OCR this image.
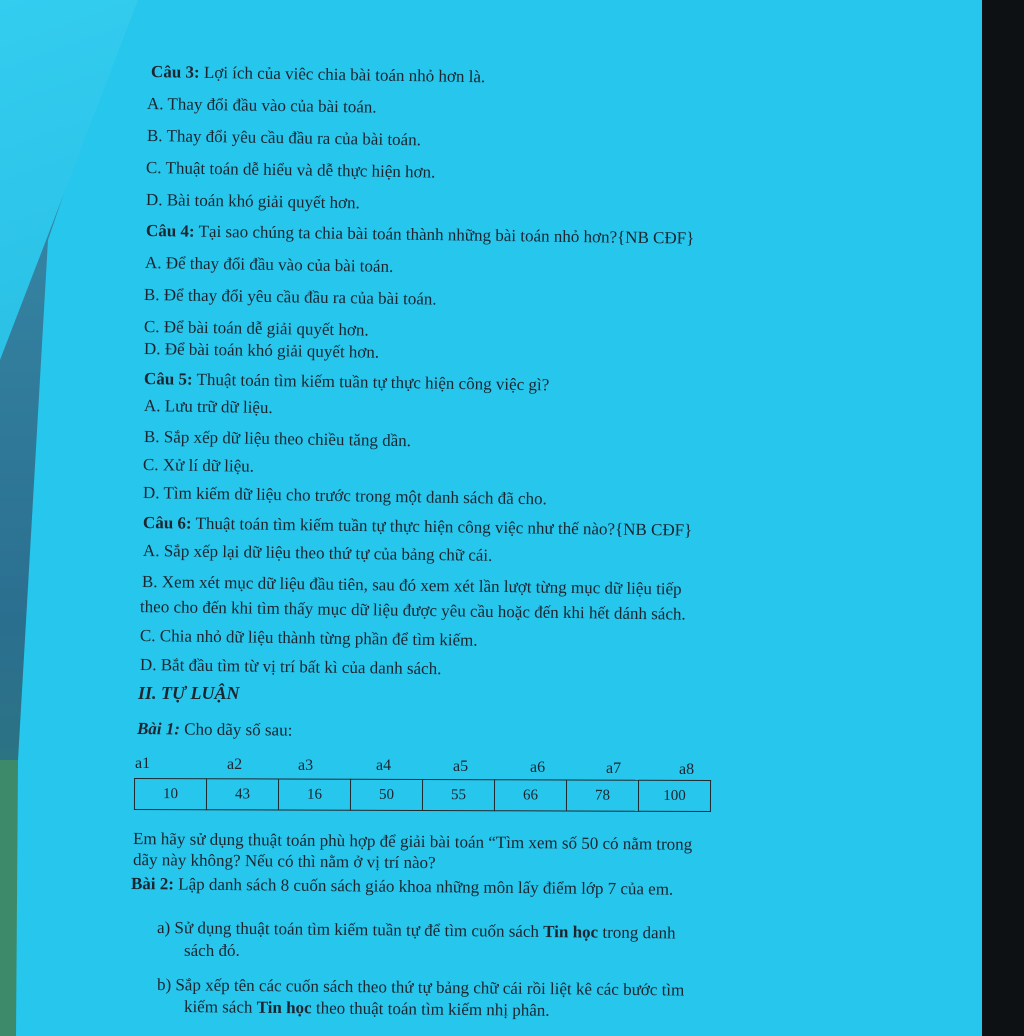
Câu 3: Lợi ích của viêc chia bài toán nhỏ hơn là.
A. Thay đổi đầu vào của bài toán.
B. Thay đổi yêu cầu đầu ra của bài toán.
C. Thuật toán dễ hiểu và dễ thực hiện hơn.
D. Bài toán khó giải quyết hơn.
Câu 4: Tại sao chúng ta chia bài toán thành những bài toán nhỏ hơn?{NB CĐF}
A. Để thay đổi đầu vào của bài toán.
B. Để thay đổi yêu cầu đầu ra của bài toán.
C. Để bài toán dễ giải quyết hơn.
D. Để bài toán khó giải quyết hơn.
Câu 5: Thuật toán tìm kiếm tuần tự thực hiện công việc gì?
A. Lưu trữ dữ liệu.
B. Sắp xếp dữ liệu theo chiều tăng dần.
C. Xử lí dữ liệu.
D. Tìm kiếm dữ liệu cho trước trong một danh sách đã cho.
Câu 6: Thuật toán tìm kiếm tuần tự thực hiện công việc như thế nào?{NB CĐF}
A. Sắp xếp lại dữ liệu theo thứ tự của bảng chữ cái.
B. Xem xét mục dữ liệu đầu tiên, sau đó xem xét lần lượt từng mục dữ liệu tiếp
theo cho đến khi tìm thấy mục dữ liệu được yêu cầu hoặc đến khi hết dánh sách.
C. Chia nhỏ dữ liệu thành từng phần để tìm kiếm.
D. Bắt đầu tìm từ vị trí bất kì của danh sách.
II. TỰ LUẬN
Bài 1: Cho dãy số sau:
a1	a2	a3	a4	a5	a6	a7	a8
10	43	16	50	55	66	78	100
Em hãy sử dụng thuật toán phù hợp để giải bài toán “Tìm xem số 50 có nằm trong
dãy này không? Nếu có thì nằm ở vị trí nào?
Bài 2: Lập danh sách 8 cuốn sách giáo khoa những môn lấy điểm lớp 7 của em.
a) Sử dụng thuật toán tìm kiếm tuần tự để tìm cuốn sách Tin học trong danh
sách đó.
b) Sắp xếp tên các cuốn sách theo thứ tự bảng chữ cái rồi liệt kê các bước tìm
kiếm sách Tin học theo thuật toán tìm kiếm nhị phân.
